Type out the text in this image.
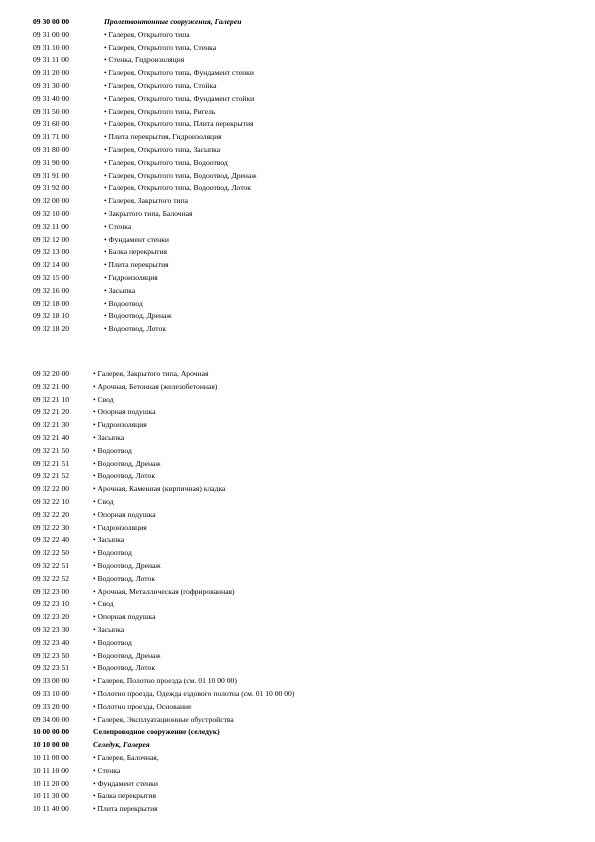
09 30 00 00	Пролетвонтонные сооружения, Галереи
09 31 00 00	• Галерея, Открытого типа
09 31 10 00	• Галерея, Открытого типа, Стенка
09 31 11 00	• Стенка, Гидроизоляция
09 31 20 00	• Галерея, Открытого типа, Фундамент стенки
09 31 30 00	• Галерея, Открытого типа, Стойка
09 31 40 00	• Галерея, Открытого типа, Фундамент стойки
09 31 50 00	• Галерея, Открытого типа, Ригель
09 31 60 00	• Галерея, Открытого типа, Плита перекрытия
09 31 71 00	• Плита перекрытия, Гидроизоляция
09 31 80 00	• Галерея, Открытого типа, Засыпка
09 31 90 00	• Галерея, Открытого типа, Водоотвод
09 31 91 00	• Галерея, Открытого типа, Водоотвод, Дренаж
09 31 92 00	• Галерея, Открытого типа, Водоотвод, Лоток
09 32 00 00	• Галерея, Закрытого типа
09 32 10 00	• Закрытого типа, Балочная
09 32 11 00	• Стенка
09 32 12 00	• Фундамент стенки
09 32 13 00	• Балка перекрытия
09 32 14 00	• Плита перекрытия
09 32 15 00	• Гидроизоляция
09 32 16 00	• Засыпка
09 32 18 00	• Водоотвод
09 32 18 10	• Водоотвод, Дренаж
09 32 18 20	• Водоотвод, Лоток
09 32 20 00	• Галерея, Закрытого типа, Арочная
09 32 21 00	• Арочная, Бетонная (железобетонная)
09 32 21 10	• Свод
09 32 21 20	• Опорная подушка
09 32 21 30	• Гидроизоляция
09 32 21 40	• Засыпка
09 32 21 50	• Водоотвод
09 32 21 51	• Водоотвод, Дренаж
09 32 21 52	• Водоотвод, Лоток
09 32 22 00	• Арочная, Каменная (кирпичная) кладка
09 32 22 10	• Свод
09 32 22 20	• Опорная подушка
09 32 22 30	• Гидроизоляция
09 32 22 40	• Засыпка
09 32 22 50	• Водоотвод
09 32 22 51	• Водоотвод, Дренаж
09 32 22 52	• Водоотвод, Лоток
09 32 23 00	• Арочная, Металлическая (гофрированная)
09 32 23 10	• Свод
09 32 23 20	• Опорная подушка
09 32 23 30	• Засыпка
09 32 23 40	• Водоотвод
09 32 23 50	• Водоотвод, Дренаж
09 32 23 51	• Водоотвод, Лоток
09 33 00 00	• Галерея, Полотно проезда (см. 01 10 00 00)
09 33 10 00	• Полотно проезда, Одежда ездового полотна (см. 01 10 00 00)
09 33 20 00	• Полотно проезда, Основание
09 34 00 00	• Галерея, Эксплуатационные обустройства
10 00 00 00	Селепроводное сооружение (селедук)
10 10 00 00	Селедук, Галерея
10 11 00 00	• Галерея, Балочная,
10 11 10 00	• Стенка
10 11 20 00	• Фундамент стенки
10 11 30 00	• Балка перекрытия
10 11 40 00	• Плита перекрытия
